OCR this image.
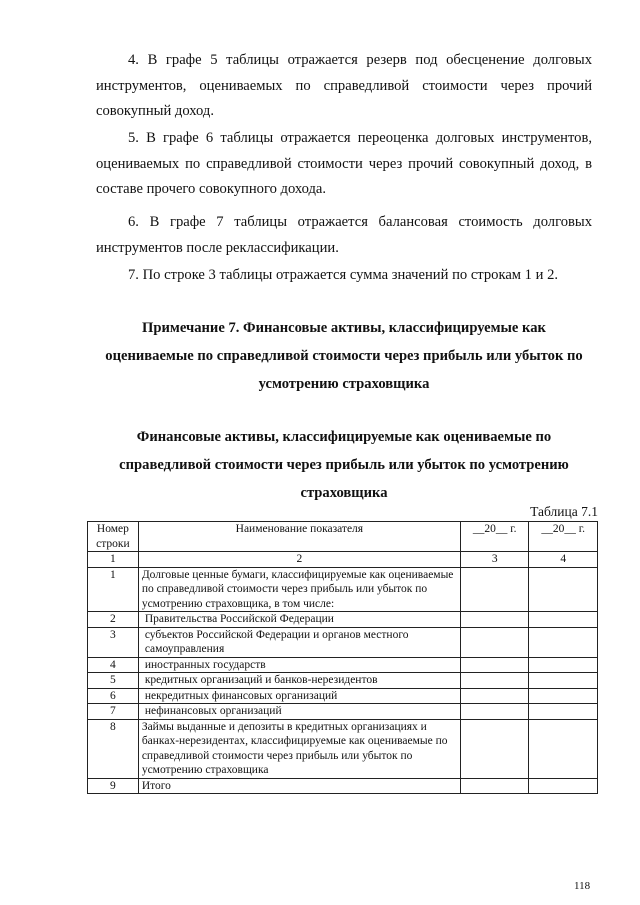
4. В графе 5 таблицы отражается резерв под обесценение долговых инструментов, оцениваемых по справедливой стоимости через прочий совокупный доход.

5. В графе 6 таблицы отражается переоценка долговых инструментов, оцениваемых по справедливой стоимости через прочий совокупный доход, в составе прочего совокупного дохода.

6. В графе 7 таблицы отражается балансовая стоимость долговых инструментов после реклассификации.

7. По строке 3 таблицы отражается сумма значений по строкам 1 и 2.

Примечание 7. Финансовые активы, классифицируемые как оцениваемые по справедливой стоимости через прибыль или убыток по усмотрению страховщика

Финансовые активы, классифицируемые как оцениваемые по справедливой стоимости через прибыль или убыток по усмотрению страховщика

Таблица 7.1
Номер строки	Наименование показателя	__20__ г.	__20__ г.
1	2	3	4
1	Долговые ценные бумаги, классифицируемые как оцениваемые по справедливой стоимости через прибыль или убыток по усмотрению страховщика, в том числе:		
2	Правительства Российской Федерации		
3	субъектов Российской Федерации и органов местного самоуправления		
4	иностранных государств		
5	кредитных организаций и банков-нерезидентов		
6	некредитных финансовых организаций		
7	нефинансовых организаций		
8	Займы выданные и депозиты в кредитных организациях и банках-нерезидентах, классифицируемые как оцениваемые по справедливой стоимости через прибыль или убыток по усмотрению страховщика		
9	Итого		
118
